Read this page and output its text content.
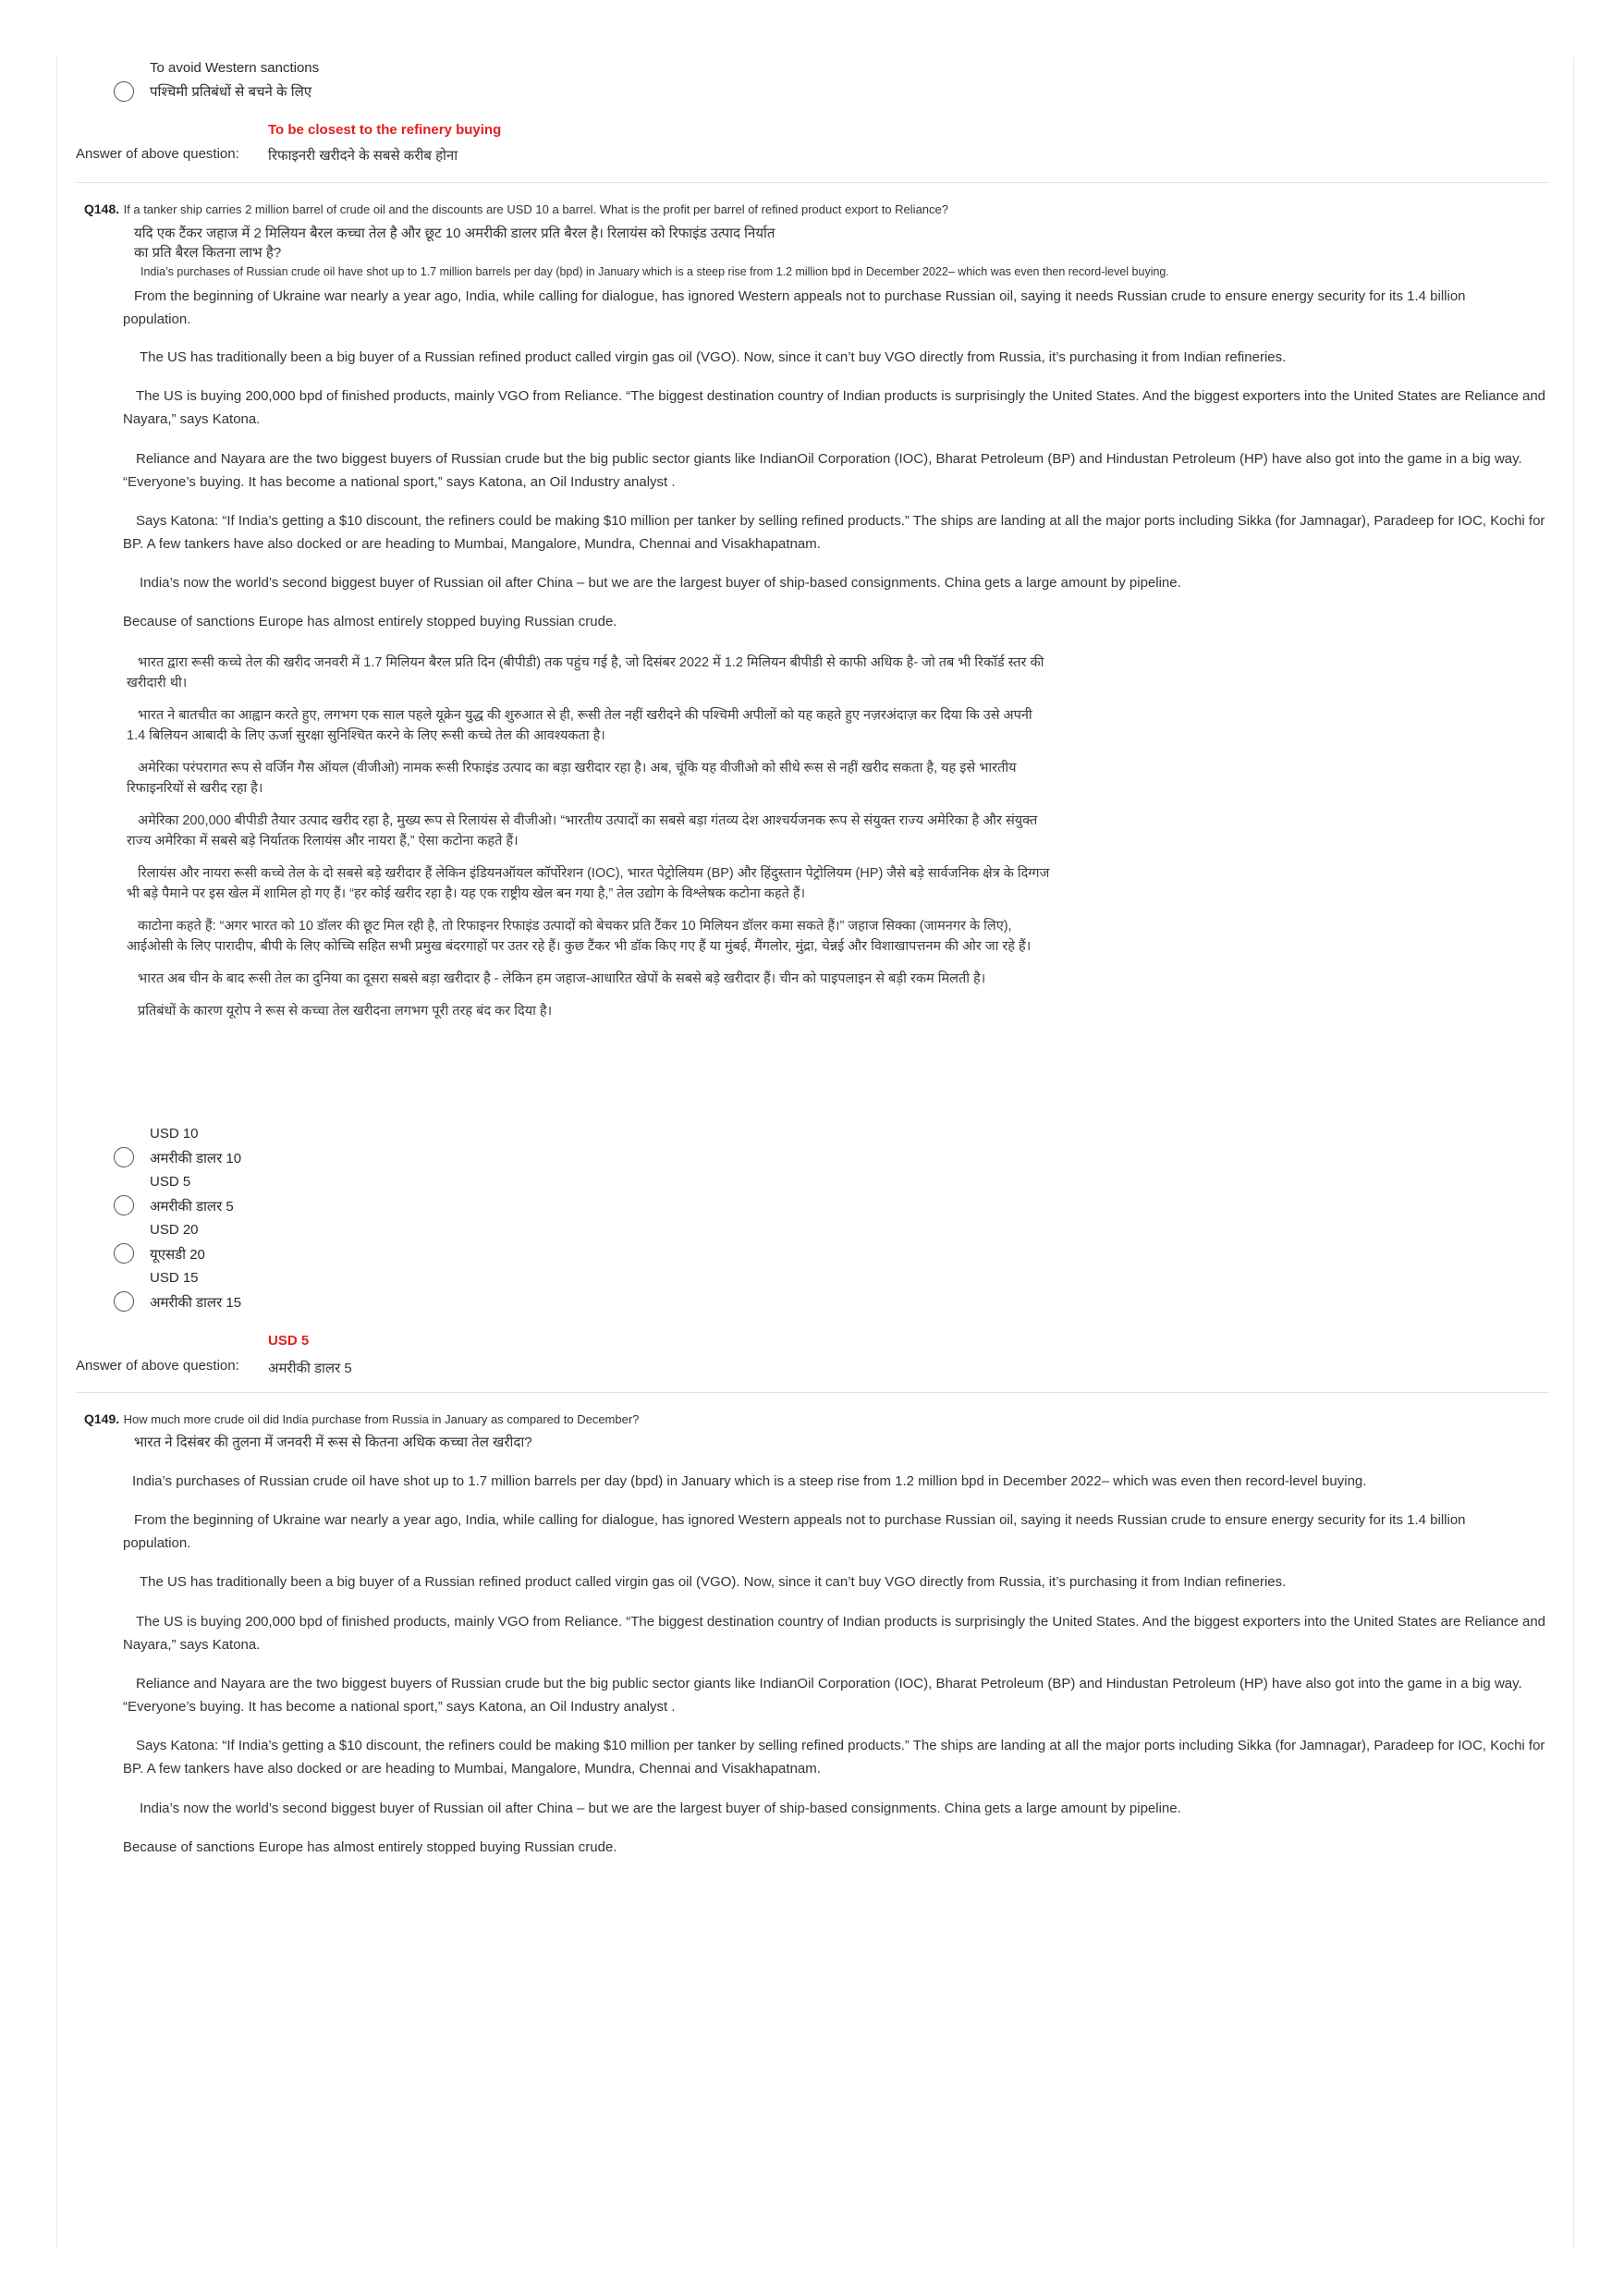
To avoid Western sanctions
पश्चिमी प्रतिबंधों से बचने के लिए
To be closest to the refinery buying
Answer of above question: रिफाइनरी खरीदने के सबसे करीब होना
Q148. If a tanker ship carries 2 million barrel of crude oil and the discounts are USD 10 a barrel. What is the profit per barrel of refined product export to Reliance?
यदि एक टैंकर जहाज में 2 मिलियन बैरल कच्चा तेल है और छूट 10 अमरीकी डालर प्रति बैरल है। रिलायंस को रिफाइंड उत्पाद निर्यात
का प्रति बैरल कितना लाभ है?
India’s purchases of Russian crude oil have shot up to 1.7 million barrels per day (bpd) in January which is a steep rise from 1.2 million bpd in December 2022– which was even then record-level buying.
From the beginning of Ukraine war nearly a year ago, India, while calling for dialogue, has ignored Western appeals not to purchase Russian oil, saying it needs Russian crude to ensure energy security for its 1.4 billion population.
The US has traditionally been a big buyer of a Russian refined product called virgin gas oil (VGO). Now, since it can’t buy VGO directly from Russia, it’s purchasing it from Indian refineries.
The US is buying 200,000 bpd of finished products, mainly VGO from Reliance. “The biggest destination country of Indian products is surprisingly the United States. And the biggest exporters into the United States are Reliance and Nayara,” says Katona.
Reliance and Nayara are the two biggest buyers of Russian crude but the big public sector giants like IndianOil Corporation (IOC), Bharat Petroleum (BP) and Hindustan Petroleum (HP) have also got into the game in a big way. “Everyone’s buying. It has become a national sport,” says Katona, an Oil Industry analyst .
Says Katona: “If India’s getting a $10 discount, the refiners could be making $10 million per tanker by selling refined products.” The ships are landing at all the major ports including Sikka (for Jamnagar), Paradeep for IOC, Kochi for BP. A few tankers have also docked or are heading to Mumbai, Mangalore, Mundra, Chennai and Visakhapatnam.
India’s now the world’s second biggest buyer of Russian oil after China – but we are the largest buyer of ship-based consignments. China gets a large amount by pipeline.
Because of sanctions Europe has almost entirely stopped buying Russian crude.

भारत द्वारा रूसी कच्चे तेल की खरीद जनवरी में 1.7 मिलियन बैरल प्रति दिन (बीपीडी) तक पहुंच गई है, जो दिसंबर 2022 में 1.2 मिलियन बीपीडी से काफी अधिक है- जो तब भी रिकॉर्ड स्तर की खरीदारी थी।

भारत ने बातचीत का आह्वान करते हुए, लगभग एक साल पहले यूक्रेन युद्ध की शुरुआत से ही, रूसी तेल नहीं खरीदने की पश्चिमी अपीलों को यह कहते हुए नज़रअंदाज़ कर दिया कि उसे अपनी 1.4 बिलियन आबादी के लिए ऊर्जा सुरक्षा सुनिश्चित करने के लिए रूसी कच्चे तेल की आवश्यकता है।

अमेरिका परंपरागत रूप से वर्जिन गैस ऑयल (वीजीओ) नामक रूसी रिफाइंड उत्पाद का बड़ा खरीदार रहा है। अब, चूंकि यह वीजीओ को सीधे रूस से नहीं खरीद सकता है, यह इसे भारतीय रिफाइनरियों से खरीद रहा है।

अमेरिका 200,000 बीपीडी तैयार उत्पाद खरीद रहा है, मुख्य रूप से रिलायंस से वीजीओ। “भारतीय उत्पादों का सबसे बड़ा गंतव्य देश आश्चर्यजनक रूप से संयुक्त राज्य अमेरिका है और संयुक्त राज्य अमेरिका में सबसे बड़े निर्यातक रिलायंस और नायरा हैं,” ऐसा कटोना कहते हैं।

रिलायंस और नायरा रूसी कच्चे तेल के दो सबसे बड़े खरीदार हैं लेकिन इंडियनऑयल कॉर्पोरेशन (IOC), भारत पेट्रोलियम (BP) और हिंदुस्तान पेट्रोलियम (HP) जैसे बड़े सार्वजनिक क्षेत्र के दिग्गज भी बड़े पैमाने पर इस खेल में शामिल हो गए हैं। “हर कोई खरीद रहा है। यह एक राष्ट्रीय खेल बन गया है,” तेल उद्योग के विश्लेषक कटोना कहते हैं।

काटोना कहते हैं: “अगर भारत को 10 डॉलर की छूट मिल रही है, तो रिफाइनर रिफाइंड उत्पादों को बेचकर प्रति टैंकर 10 मिलियन डॉलर कमा सकते हैं।” जहाज सिक्का (जामनगर के लिए), आईओसी के लिए पारादीप, बीपी के लिए कोच्चि सहित सभी प्रमुख बंदरगाहों पर उतर रहे हैं। कुछ टैंकर भी डॉक किए गए हैं या मुंबई, मैंगलोर, मुंद्रा, चेन्नई और विशाखापत्तनम की ओर जा रहे हैं।

भारत अब चीन के बाद रूसी तेल का दुनिया का दूसरा सबसे बड़ा खरीदार है - लेकिन हम जहाज-आधारित खेपों के सबसे बड़े खरीदार हैं। चीन को पाइपलाइन से बड़ी रकम मिलती है।

प्रतिबंधों के कारण यूरोप ने रूस से कच्चा तेल खरीदना लगभग पूरी तरह बंद कर दिया है।

USD 10
अमरीकी डालर 10
USD 5
अमरीकी डालर 5
USD 20
यूएसडी 20
USD 15
अमरीकी डालर 15
USD 5
Answer of above question: अमरीकी डालर 5
Q149. How much more crude oil did India purchase from Russia in January as compared to December?
भारत ने दिसंबर की तुलना में जनवरी में रूस से कितना अधिक कच्चा तेल खरीदा?
India’s purchases of Russian crude oil have shot up to 1.7 million barrels per day (bpd) in January which is a steep rise from 1.2 million bpd in December 2022– which was even then record-level buying.
From the beginning of Ukraine war nearly a year ago, India, while calling for dialogue, has ignored Western appeals not to purchase Russian oil, saying it needs Russian crude to ensure energy security for its 1.4 billion population.
The US has traditionally been a big buyer of a Russian refined product called virgin gas oil (VGO). Now, since it can’t buy VGO directly from Russia, it’s purchasing it from Indian refineries.
The US is buying 200,000 bpd of finished products, mainly VGO from Reliance. “The biggest destination country of Indian products is surprisingly the United States. And the biggest exporters into the United States are Reliance and Nayara,” says Katona.
Reliance and Nayara are the two biggest buyers of Russian crude but the big public sector giants like IndianOil Corporation (IOC), Bharat Petroleum (BP) and Hindustan Petroleum (HP) have also got into the game in a big way. “Everyone’s buying. It has become a national sport,” says Katona, an Oil Industry analyst .
Says Katona: “If India’s getting a $10 discount, the refiners could be making $10 million per tanker by selling refined products.” The ships are landing at all the major ports including Sikka (for Jamnagar), Paradeep for IOC, Kochi for BP. A few tankers have also docked or are heading to Mumbai, Mangalore, Mundra, Chennai and Visakhapatnam.
India’s now the world’s second biggest buyer of Russian oil after China – but we are the largest buyer of ship-based consignments. China gets a large amount by pipeline.
Because of sanctions Europe has almost entirely stopped buying Russian crude.
